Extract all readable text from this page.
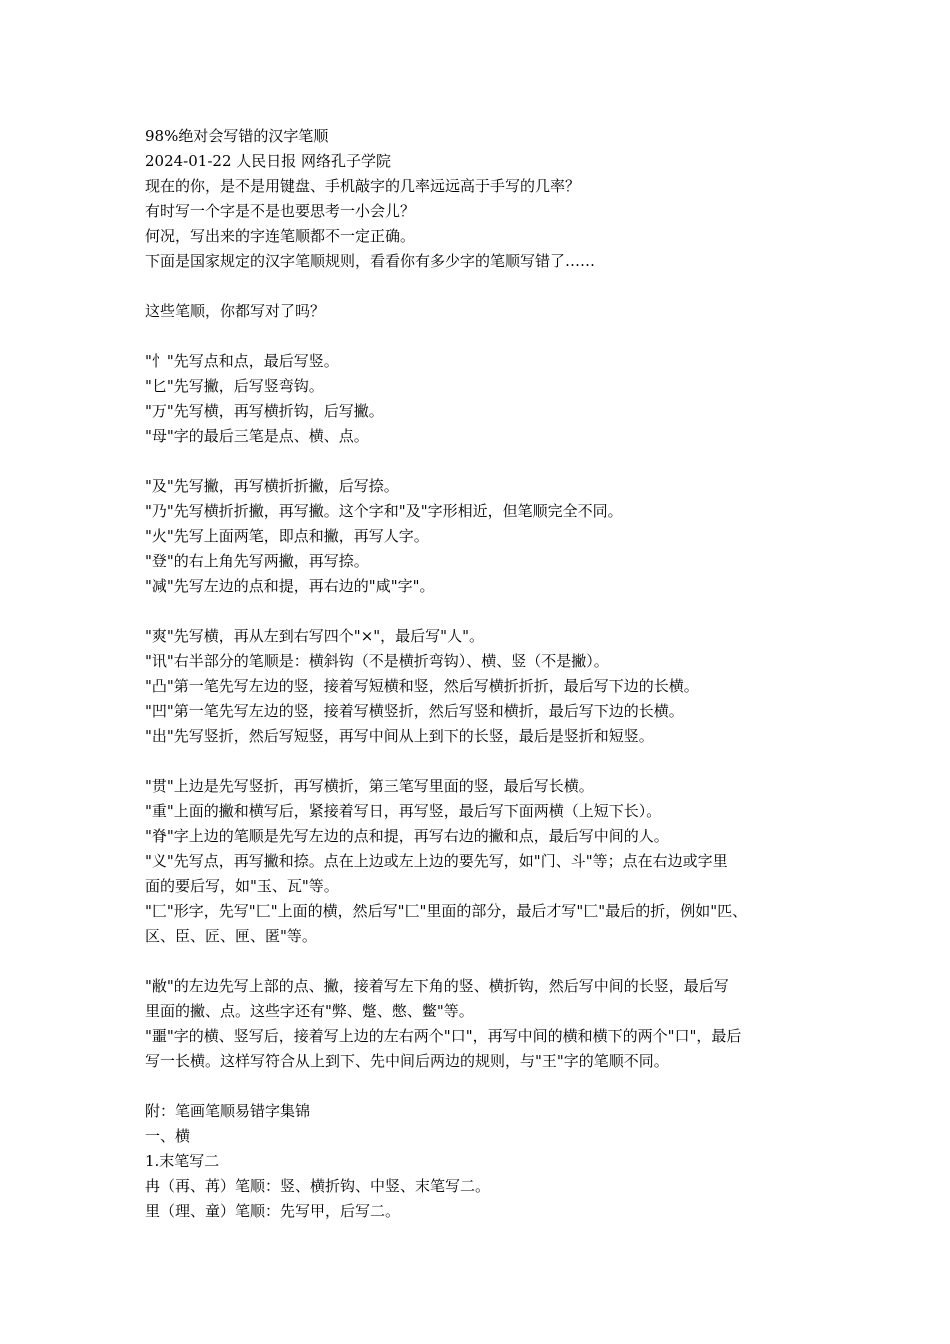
98%绝对会写错的汉字笔顺
2024-01-22 人民日报 网络孔子学院
现在的你，是不是用键盘、手机敲字的几率远远高于手写的几率？
有时写一个字是不是也要思考一小会儿？
何况，写出来的字连笔顺都不一定正确。
下面是国家规定的汉字笔顺规则，看看你有多少字的笔顺写错了……
这些笔顺，你都写对了吗？
"忄"先写点和点，最后写竖。
"匕"先写撇，后写竖弯钩。
"万"先写横，再写横折钩，后写撇。
"母"字的最后三笔是点、横、点。
"及"先写撇，再写横折折撇，后写捺。
"乃"先写横折折撇，再写撇。这个字和"及"字形相近，但笔顺完全不同。
"火"先写上面两笔，即点和撇，再写人字。
"登"的右上角先写两撇，再写捺。
"减"先写左边的点和提，再右边的"咸"字"。
"爽"先写横，再从左到右写四个"×"，最后写"人"。
"讯"右半部分的笔顺是：横斜钩（不是横折弯钩）、横、竖（不是撇）。
"凸"第一笔先写左边的竖，接着写短横和竖，然后写横折折折，最后写下边的长横。
"凹"第一笔先写左边的竖，接着写横竖折，然后写竖和横折，最后写下边的长横。
"出"先写竖折，然后写短竖，再写中间从上到下的长竖，最后是竖折和短竖。
"贯"上边是先写竖折，再写横折，第三笔写里面的竖，最后写长横。
"重"上面的撇和横写后，紧接着写日，再写竖，最后写下面两横（上短下长）。
"脊"字上边的笔顺是先写左边的点和提，再写右边的撇和点，最后写中间的人。
"义"先写点，再写撇和捺。点在上边或左上边的要先写，如"门、斗"等；点在右边或字里
面的要后写，如"玉、瓦"等。
"匚"形字，先写"匚"上面的横，然后写"匚"里面的部分，最后才写"匚"最后的折，例如"匹、
区、臣、匠、匣、匿"等。
"敝"的左边先写上部的点、撇，接着写左下角的竖、横折钩，然后写中间的长竖，最后写
里面的撇、点。这些字还有"弊、蹩、憋、鳖"等。
"噩"字的横、竖写后，接着写上边的左右两个"口"，再写中间的横和横下的两个"口"，最后
写一长横。这样写符合从上到下、先中间后两边的规则，与"王"字的笔顺不同。
附：笔画笔顺易错字集锦
一、横
1.末笔写二
冉（再、苒）笔顺：竖、横折钩、中竖、末笔写二。
里（理、童）笔顺：先写甲，后写二。
